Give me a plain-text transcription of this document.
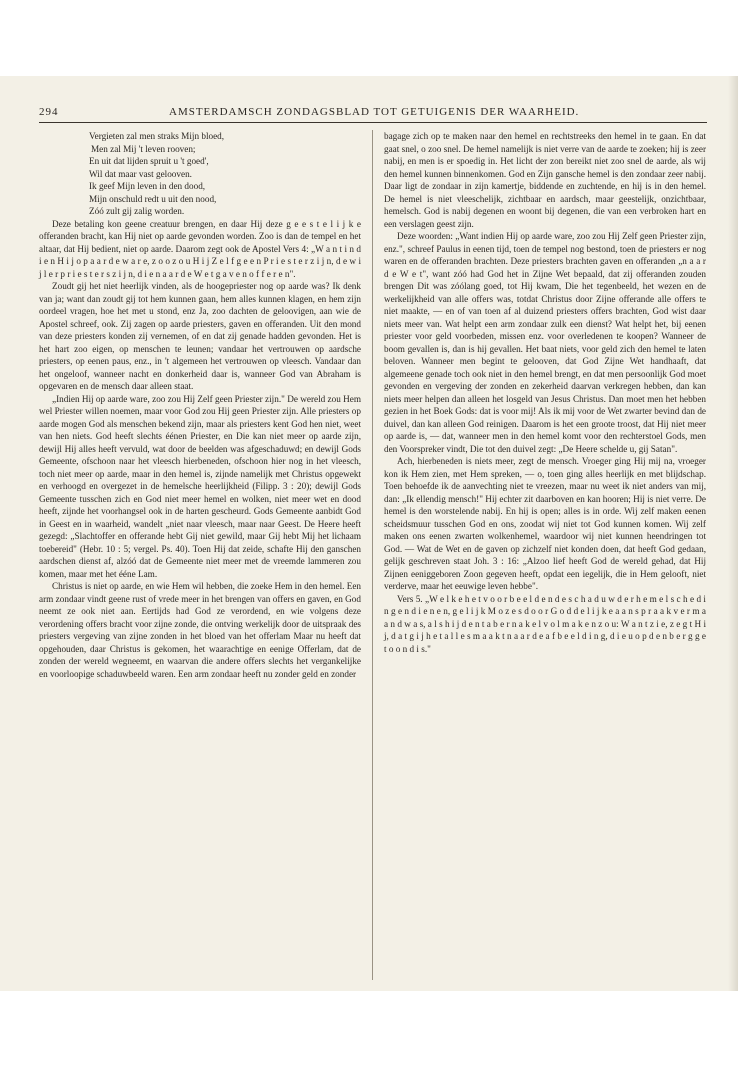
294	AMSTERDAMSCH ZONDAGSBLAD TOT GETUIGENIS DER WAARHEID.
Vergieten zal men straks Mijn bloed,
Men zal Mij 't leven rooven;
En uit dat lijden spruit u 't goed',
Wil dat maar vast gelooven.
Ik geef Mijn leven in den dood,
Mijn onschuld redt u uit den nood,
Zóó zult gij zalig worden.

Deze betaling kon geene creatuur brengen, en daar Hij deze g e e s t e l i j k e offeranden bracht, kan Hij niet op aarde gevonden worden. Zoo is dan de tempel en het altaar, dat Hij bedient, niet op aarde. Daarom zegt ook de Apostel Vers 4: „W a n t i n d i e n H i j o p a a r d e w a r e, z o o z o u H i j Z e l f g e e n P r i e s t e r z i j n, d e w i j l e r p r i e s t e r s z i j n, d i e n a a r d e W e t g a v e n o f f e r e n".

Zoudt gij het niet heerlijk vinden, als de hoogepriester nog op aarde was? Ik denk van ja; want dan zoudt gij tot hem kunnen gaan, hem alles kunnen klagen, en hem zijn oordeel vragen, hoe het met u stond, enz Ja, zoo dachten de geloovigen, aan wie de Apostel schreef, ook. Zij zagen op aarde priesters, gaven en offeranden. Uit den mond van deze priesters konden zij vernemen, of en dat zij genade hadden gevonden. Het is het hart zoo eigen, op menschen te leunen; vandaar het vertrouwen op aardsche priesters, op eenen paus, enz., in 't algemeen het vertrouwen op vleesch. Vandaar dan het ongeloof, wanneer nacht en donkerheid daar is, wanneer God van Abraham is opgevaren en de mensch daar alleen staat.

„Indien Hij op aarde ware, zoo zou Hij Zelf geen Priester zijn." De wereld zou Hem wel Priester willen noemen, maar voor God zou Hij geen Priester zijn. Alle priesters op aarde mogen God als menschen bekend zijn, maar als priesters kent God hen niet, weet van hen niets. God heeft slechts éénen Priester, en Die kan niet meer op aarde zijn, dewijl Hij alles heeft vervuld, wat door de beelden was afgeschaduwd; en dewijl Gods Gemeente, ofschoon naar het vleesch hierbeneden, ofschoon hier nog in het vleesch, toch niet meer op aarde, maar in den hemel is, zijnde namelijk met Christus opgewekt en verhoogd en overgezet in de hemelsche heerlijkheid (Filipp. 3 : 20); dewijl Gods Gemeente tusschen zich en God niet meer hemel en wolken, niet meer wet en dood heeft, zijnde het voorhangsel ook in de harten gescheurd. Gods Gemeente aanbidt God in Geest en in waarheid, wandelt „niet naar vleesch, maar naar Geest. De Heere heeft gezegd: „Slachtoffer en offerande hebt Gij niet gewild, maar Gij hebt Mij het lichaam toebereid" (Hebr. 10 : 5; vergel. Ps. 40). Toen Hij dat zeide, schafte Hij den ganschen aardschen dienst af, alzóó dat de Gemeente niet meer met de vreemde lammeren zou komen, maar met het ééne Lam.

Christus is niet op aarde, en wie Hem wil hebben, die zoeke Hem in den hemel. Een arm zondaar vindt geene rust of vrede meer in het brengen van offers en gaven, en God neemt ze ook niet aan. Eertijds had God ze verordend, en wie volgens deze verordening offers bracht voor zijne zonde, die ontving werkelijk door de uitspraak des priesters vergeving van zijne zonden in het bloed van het offerlam Maar nu heeft dat opgehouden, daar Christus is gekomen, het waarachtige en eenige Offerlam, dat de zonden der wereld wegneemt, en waarvan die andere offers slechts het vergankelijke en voorloopige schaduwbeeld waren. Een arm zondaar heeft nu zonder geld en zonder

bagage zich op te maken naar den hemel en rechtstreeks den hemel in te gaan. En dat gaat snel, o zoo snel. De hemel namelijk is niet verre van de aarde te zoeken; hij is zeer nabij, en men is er spoedig in. Het licht der zon bereikt niet zoo snel de aarde, als wij den hemel kunnen binnenkomen. God en Zijn gansche hemel is den zondaar zeer nabij. Daar ligt de zondaar in zijn kamertje, biddende en zuchtende, en hij is in den hemel. De hemel is niet vleeschelijk, zichtbaar en aardsch, maar geestelijk, onzichtbaar, hemelsch. God is nabij degenen en woont bij degenen, die van een verbroken hart en een verslagen geest zijn.

Deze woorden: „Want indien Hij op aarde ware, zoo zou Hij Zelf geen Priester zijn, enz.", schreef Paulus in eenen tijd, toen de tempel nog bestond, toen de priesters er nog waren en de offeranden brachten. Deze priesters brachten gaven en offeranden „n a a r d e W e t", want zóó had God het in Zijne Wet bepaald, dat zij offeranden zouden brengen Dit was zóólang goed, tot Hij kwam, Die het tegenbeeld, het wezen en de werkelijkheid van alle offers was, totdat Christus door Zijne offerande alle offers te niet maakte, — en of van toen af al duizend priesters offers brachten, God wist daar niets meer van. Wat helpt een arm zondaar zulk een dienst? Wat helpt het, bij eenen priester voor geld voorbeden, missen enz. voor overledenen te koopen? Wanneer de boom gevallen is, dan is hij gevallen. Het baat niets, voor geld zich den hemel te laten beloven. Wanneer men begint te gelooven, dat God Zijne Wet handhaaft, dat algemeene genade toch ook niet in den hemel brengt, en dat men persoonlijk God moet gevonden en vergeving der zonden en zekerheid daarvan verkregen hebben, dan kan niets meer helpen dan alleen het losgeld van Jesus Christus. Dan moet men het hebben gezien in het Boek Gods: dat is voor mij! Als ik mij voor de Wet zwarter bevind dan de duivel, dan kan alleen God reinigen. Daarom is het een groote troost, dat Hij niet meer op aarde is, — dat, wanneer men in den hemel komt voor den rechterstoel Gods, men den Voorspreker vindt, Die tot den duivel zegt: „De Heere schelde u, gij Satan".

Ach, hierbeneden is niets meer, zegt de mensch. Vroeger ging Hij mij na, vroeger kon ik Hem zien, met Hem spreken, — o, toen ging alles heerlijk en met blijdschap. Toen behoefde ik de aanvechting niet te vreezen, maar nu weet ik niet anders van mij, dan: „Ik ellendig mensch!" Hij echter zit daarboven en kan hooren; Hij is niet verre. De hemel is den worstelende nabij. En hij is open; alles is in orde. Wij zelf maken eenen scheidsmuur tusschen God en ons, zoodat wij niet tot God kunnen komen. Wij zelf maken ons eenen zwarten wolkenhemel, waardoor wij niet kunnen heendringen tot God. — Wat de Wet en de gaven op zichzelf niet konden doen, dat heeft God gedaan, gelijk geschreven staat Joh. 3 : 16: „Alzoo lief heeft God de wereld gehad, dat Hij Zijnen eeniggeboren Zoon gegeven heeft, opdat een iegelijk, die in Hem gelooft, niet verderve, maar het eeuwige leven hebbe".

Vers 5. „W e l k e h e t v o o r b e e l d e n d e s c h a d u w d e r h e m e l s c h e d i n g e n d i e n e n, g e l i j k M o z e s d o o r G o d d e l i j k e a a n s p r a a k v e r m a a n d w a s, a l s h i j d e n t a b e r n a k e l v o l m a k e n z o u: W a n t z i e, z e g t H i j, d a t g i j h e t a l l e s m a a k t n a a r d e a f b e e l d i n g, d i e u o p d e n b e r g g e t o o n d i s."
